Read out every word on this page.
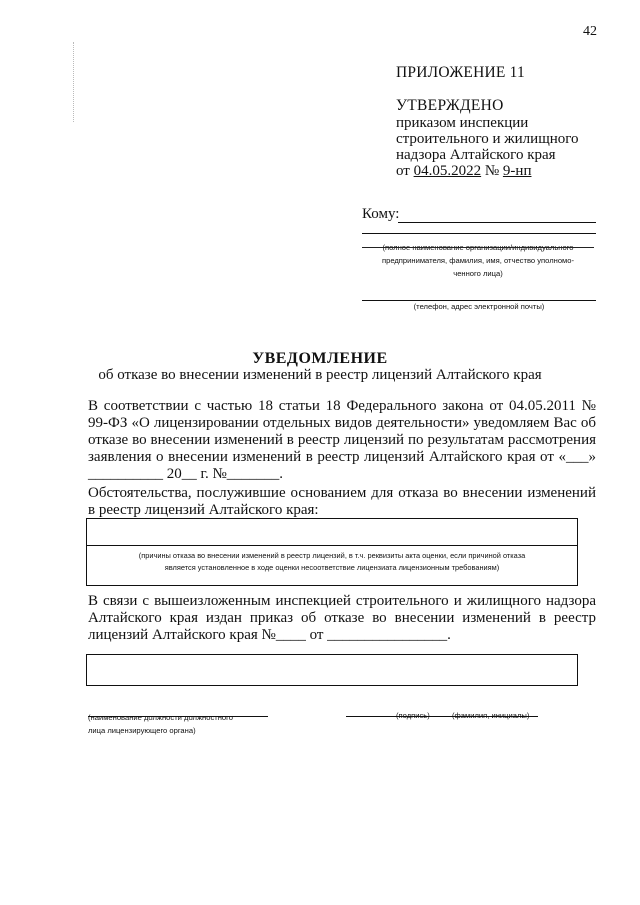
42
ПРИЛОЖЕНИЕ 11
УТВЕРЖДЕНО
приказом инспекции строительного и жилищного надзора Алтайского края
от 04.05.2022 № 9-нп
Кому:
(полное наименование организации/индивидуального
предпринимателя, фамилия, имя, отчество уполномо-
ченного лица)
(телефон, адрес электронной почты)
УВЕДОМЛЕНИЕ
об отказе во внесении изменений в реестр лицензий Алтайского края
В соответствии с частью 18 статьи 18 Федерального закона от 04.05.2011 № 99-ФЗ «О лицензировании отдельных видов деятельности» уведомляем Вас об отказе во внесении изменений в реестр лицензий по результатам рассмотрения заявления о внесении изменений в реестр лицензий Алтайского края от «___» __________ 20__ г. №_______.
Обстоятельства, послужившие основанием для отказа во внесении изменений в реестр лицензий Алтайского края:
(причины отказа во внесении изменений в реестр лицензий, в т.ч. реквизиты акта оценки, если причиной отказа
является установленное в ходе оценки несоответствие лицензиата лицензионным требованиям)
В связи с вышеизложенным инспекцией строительного и жилищного надзора Алтайского края издан приказ об отказе во внесении изменений в реестр лицензий Алтайского края №____ от ________________.
(наименование должности должностного
лица лицензирующего органа)
(подпись)	(фамилия, инициалы)
